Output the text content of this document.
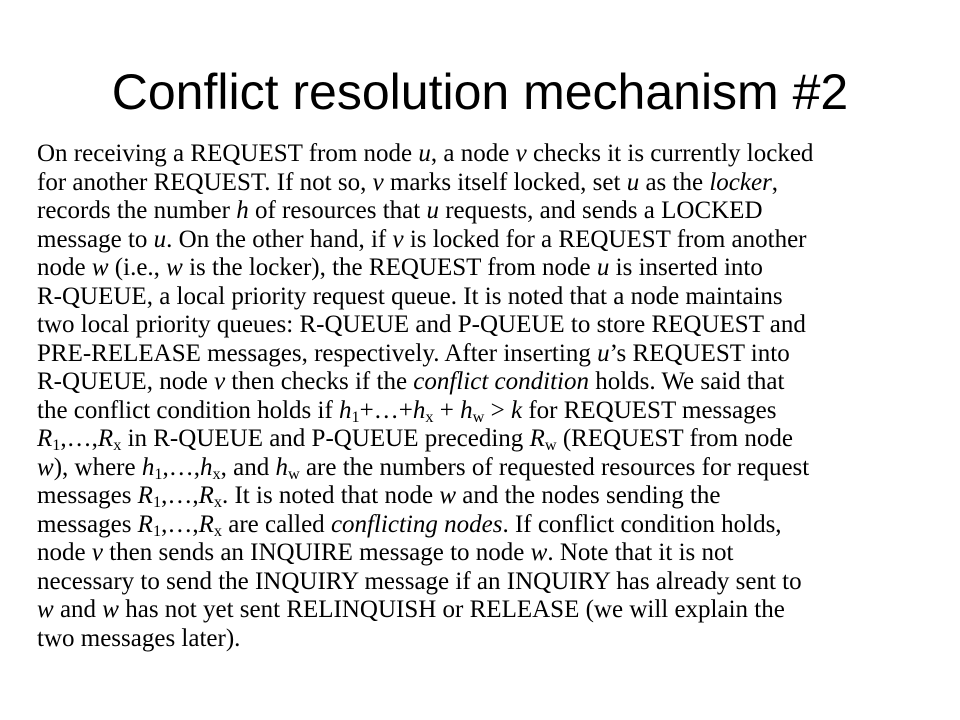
Conflict resolution mechanism #2
On receiving a REQUEST from node u, a node v checks it is currently locked
for another REQUEST. If not so, v marks itself locked, set u as the locker,
records the number h of resources that u requests, and sends a LOCKED
message to u. On the other hand, if v is locked for a REQUEST from another
node w (i.e., w is the locker), the REQUEST from node u is inserted into
R-QUEUE, a local priority request queue. It is noted that a node maintains
two local priority queues: R-QUEUE and P-QUEUE to store REQUEST and
PRE-RELEASE messages, respectively. After inserting u’s REQUEST into
R-QUEUE, node v then checks if the conflict condition holds. We said that
the conflict condition holds if $h_1+\dots+h_x + h_w > k$ for REQUEST messages
$R_1,\dots,R_x$ in R-QUEUE and P-QUEUE preceding $R_w$ (REQUEST from node
w), where $h_1,\dots,h_x$, and $h_w$ are the numbers of requested resources for request
messages $R_1,\dots,R_x$. It is noted that node w and the nodes sending the
messages $R_1,\dots,R_x$ are called conflicting nodes. If conflict condition holds,
node v then sends an INQUIRE message to node w. Note that it is not
necessary to send the INQUIRY message if an INQUIRY has already sent to
w and w has not yet sent RELINQUISH or RELEASE (we will explain the
two messages later).
